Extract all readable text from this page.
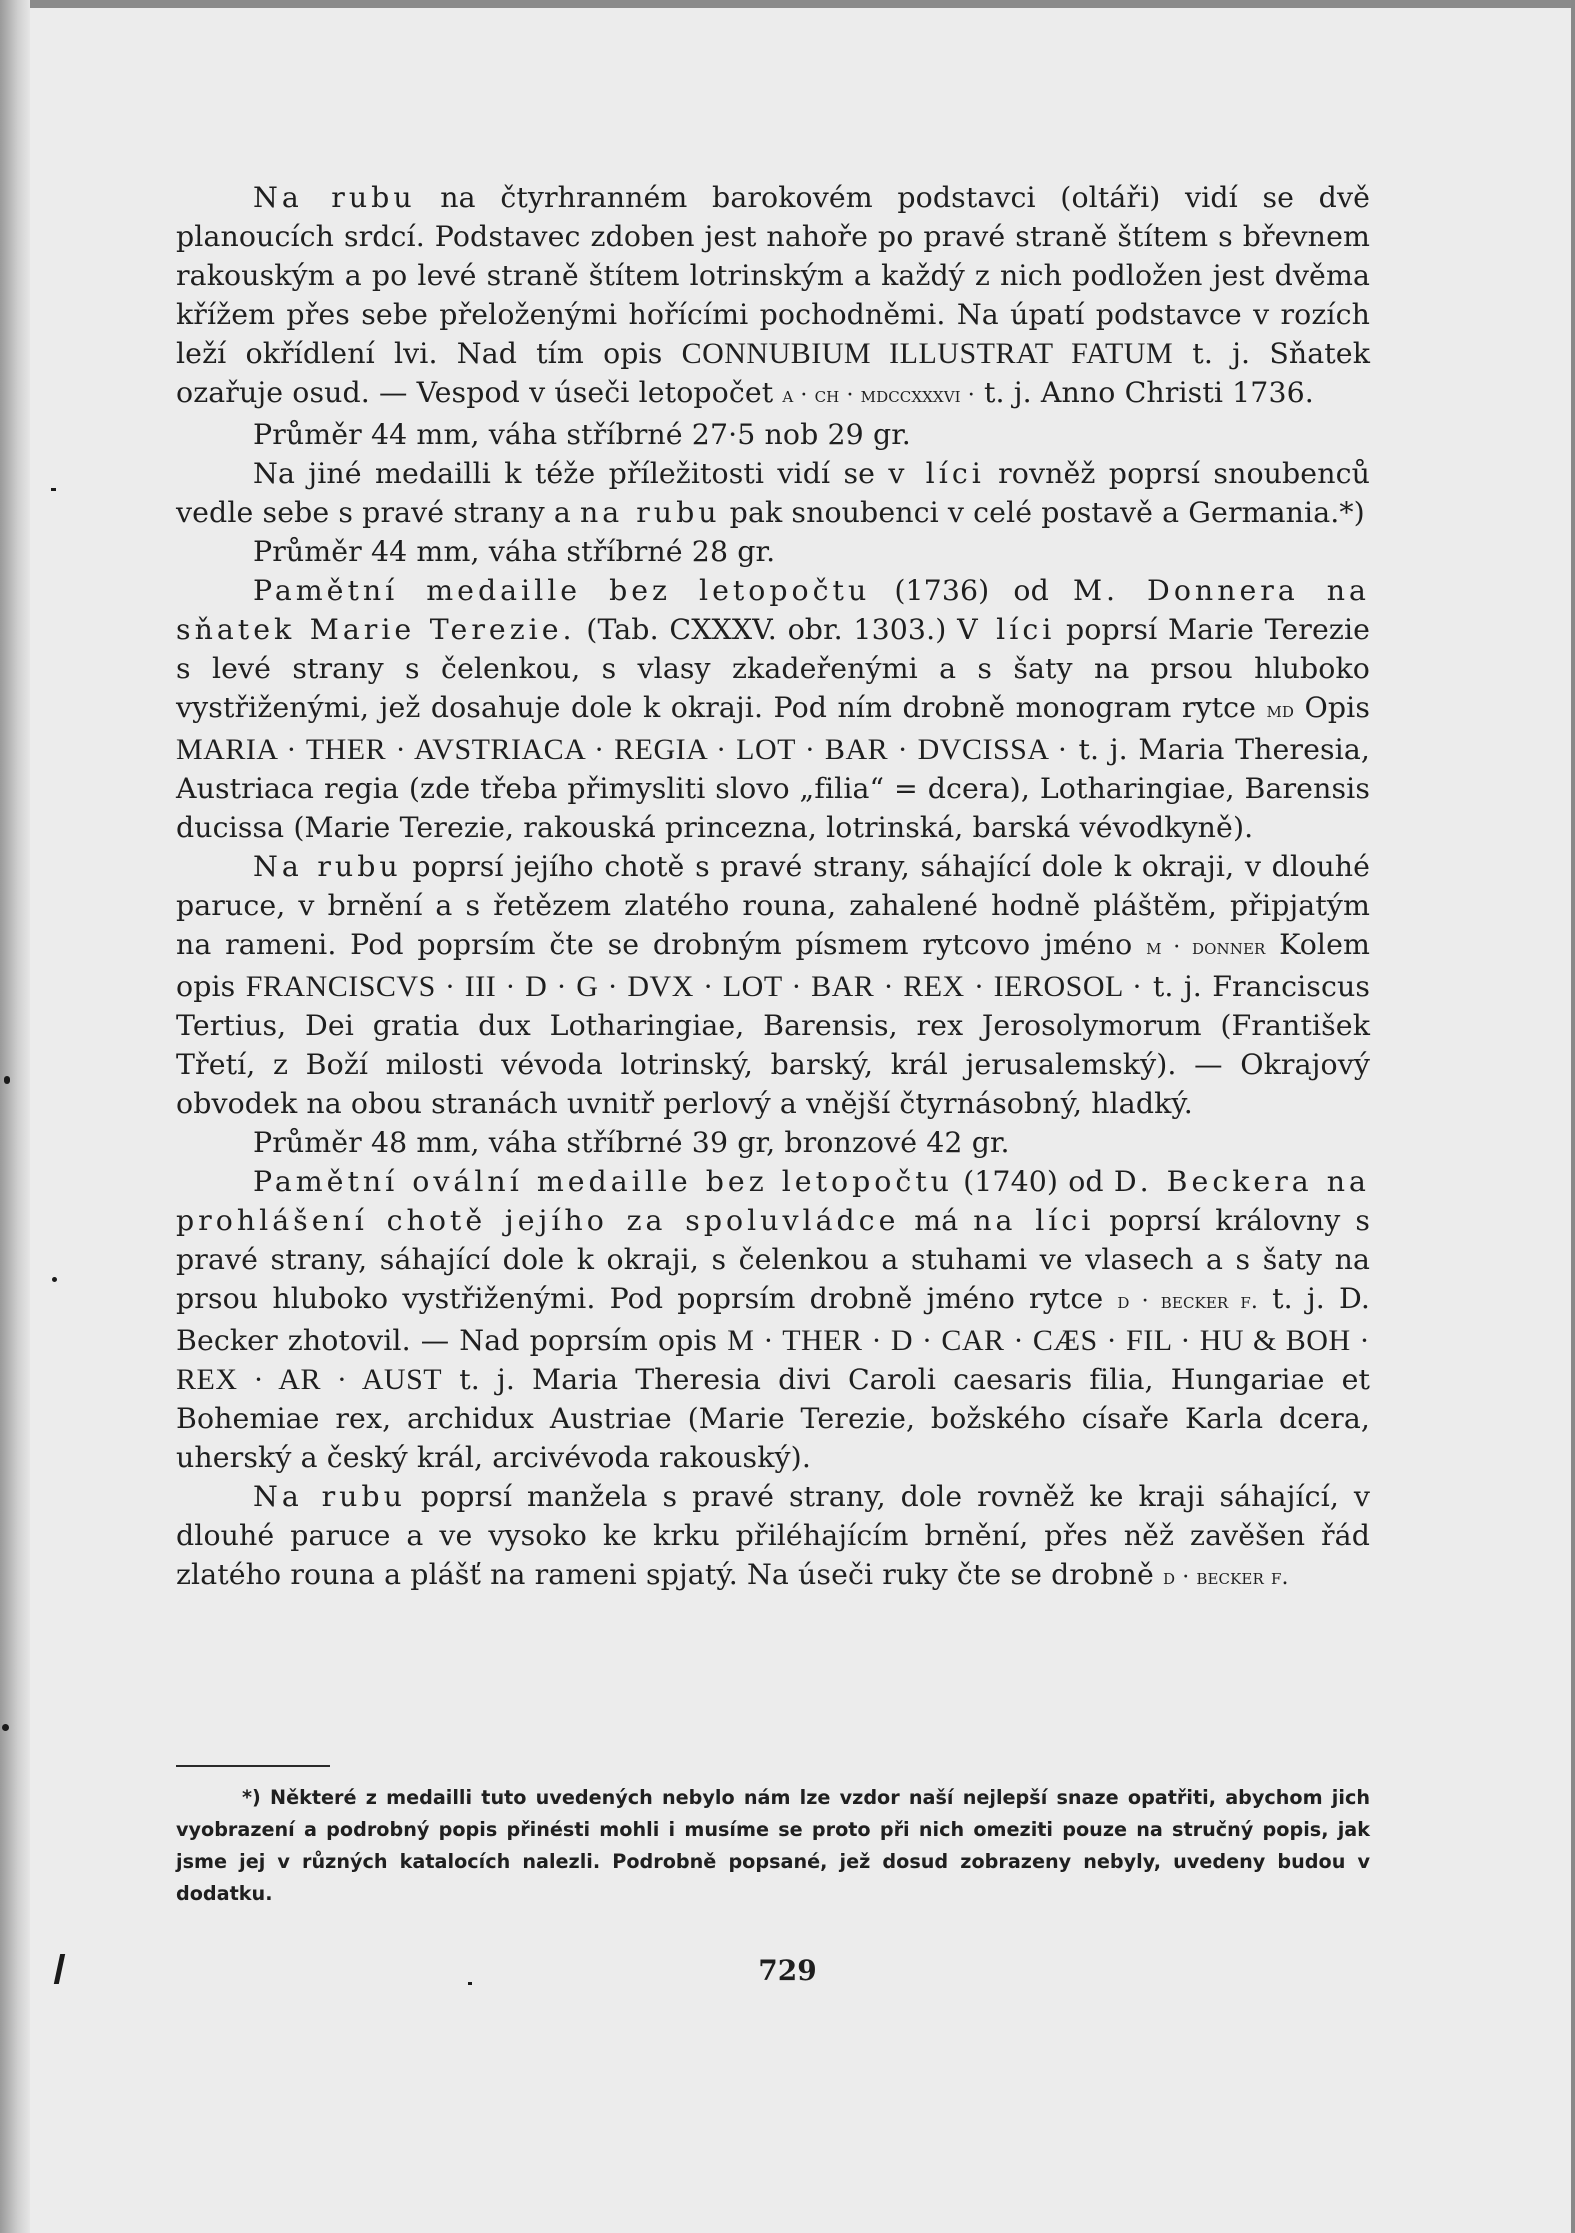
Na rubu na čtyrhranném barokovém podstavci (oltáři) vidí se dvě planoucích srdcí. Podstavec zdoben jest nahoře po pravé straně štítem s břevnem rakouským a po levé straně štítem lotrinským a každý z nich podložen jest dvěma křížem přes sebe přeloženými hořícími pochodněmi. Na úpatí podstavce v rozích leží okřídlení lvi. Nad tím opis CONNUBIUM ILLUSTRAT FATUM t. j. Sňatek ozařuje osud. — Vespod v úseči letopočet a · ch · mdccxxxvi · t. j. Anno Christi 1736.

Průměr 44 mm, váha stříbrné 27·5 nob 29 gr.

Na jiné medailli k téže příležitosti vidí se v líci rovněž poprsí snoubenců vedle sebe s pravé strany a na rubu pak snoubenci v celé postavě a Germania.*)

Průměr 44 mm, váha stříbrné 28 gr.

Pamětní medaille bez letopočtu (1736) od M. Donnera na sňatek Marie Terezie. (Tab. CXXXV. obr. 1303.) V líci poprsí Marie Terezie s levé strany s čelenkou, s vlasy zkadeřenými a s šaty na prsou hluboko vystřiženými, jež dosahuje dole k okraji. Pod ním drobně monogram rytce md Opis MARIA · THER · AVSTRIACA · REGIA · LOT · BAR · DVCISSA · t. j. Maria Theresia, Austriaca regia (zde třeba přimysliti slovo „filia“ = dcera), Lotharingiae, Barensis ducissa (Marie Terezie, rakouská princezna, lotrinská, barská vévodkyně).

Na rubu poprsí jejího chotě s pravé strany, sáhající dole k okraji, v dlouhé paruce, v brnění a s řetězem zlatého rouna, zahalené hodně pláštěm, připjatým na rameni. Pod poprsím čte se drobným písmem rytcovo jméno m · donner Kolem opis FRANCISCVS · III · D · G · DVX · LOT · BAR · REX · IEROSOL · t. j. Franciscus Tertius, Dei gratia dux Lotharingiae, Barensis, rex Jerosolymorum (František Třetí, z Boží milosti vévoda lotrinský, barský, král jerusalemský). — Okrajový obvodek na obou stranách uvnitř perlový a vnější čtyrnásobný, hladký.

Průměr 48 mm, váha stříbrné 39 gr, bronzové 42 gr.

Pamětní ovální medaille bez letopočtu (1740) od D. Beckera na prohlášení chotě jejího za spoluvládce má na líci poprsí královny s pravé strany, sáhající dole k okraji, s čelenkou a stuhami ve vlasech a s šaty na prsou hluboko vystřiženými. Pod poprsím drobně jméno rytce d · becker f. t. j. D. Becker zhotovil. — Nad poprsím opis M · THER · D · CAR · CÆS · FIL · HU & BOH · REX · AR · AUST t. j. Maria Theresia divi Caroli caesaris filia, Hungariae et Bohemiae rex, archidux Austriae (Marie Terezie, božského císaře Karla dcera, uherský a český král, arcivévoda rakouský).

Na rubu poprsí manžela s pravé strany, dole rovněž ke kraji sáhající, v dlouhé paruce a ve vysoko ke krku přiléhajícím brnění, přes něž zavěšen řád zlatého rouna a plášť na rameni spjatý. Na úseči ruky čte se drobně d · becker f.

*) Některé z medailli tuto uvedených nebylo nám lze vzdor naší nejlepší snaze opatřiti, abychom jich vyobrazení a podrobný popis přinésti mohli i musíme se proto při nich omeziti pouze na stručný popis, jak jsme jej v různých katalocích nalezli. Podrobně popsané, jež dosud zobrazeny nebyly, uvedeny budou v dodatku.

729
